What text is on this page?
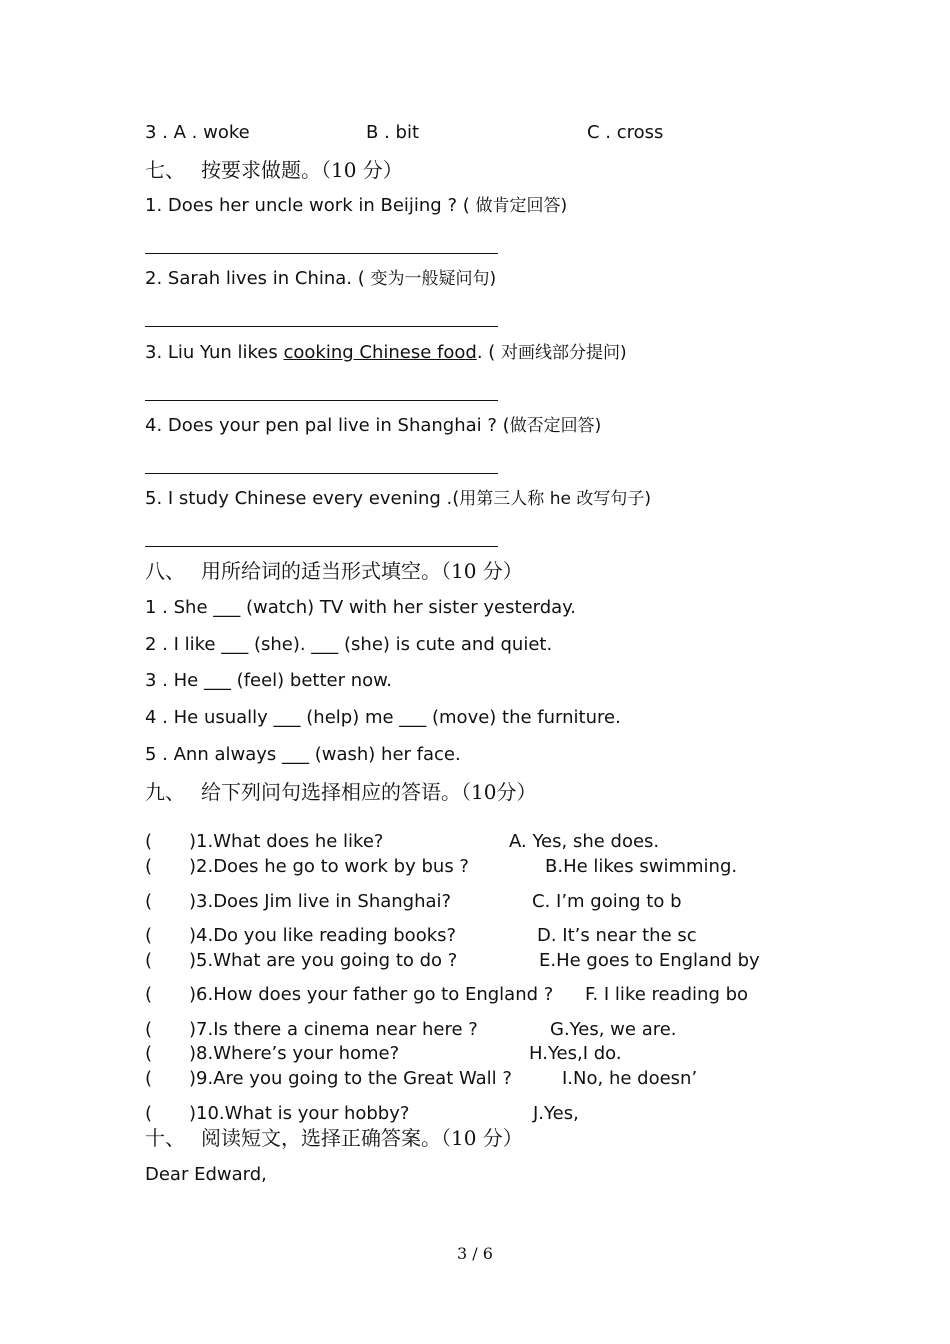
3 . A . woke	B . bit	C . cross
七、 按要求做题。（10 分）
1. Does her uncle work in Beijing ? ( 做肯定回答)
2. Sarah lives in China. ( 变为一般疑问句)
3. Liu Yun likes cooking Chinese food. ( 对画线部分提问)
4. Does your pen pal live in Shanghai ? (做否定回答)
5. I study Chinese every evening .(用第三人称 he 改写句子)
八、 用所给词的适当形式填空。（10 分）
1 . She ___ (watch) TV with her sister yesterday.
2 . I like ___ (she). ___ (she) is cute and quiet.
3 . He ___ (feel) better now.
4 . He usually ___ (help) me ___ (move) the furniture.
5 . Ann always ___ (wash) her face.
九、 给下列问句选择相应的答语。（10分）
( )1.What does he like?	A. Yes, she does.
( )2.Does he go to work by bus ?	B.He likes swimming.
( )3.Does Jim live in Shanghai?	C. I’m going to b
( )4.Do you like reading books?	D. It’s near the sc
( )5.What are you going to do ?	E.He goes to England by
( )6.How does your father go to England ? F. I like reading bo
( )7.Is there a cinema near here ?	G.Yes, we are.
( )8.Where’s your home?	H.Yes,I do.
( )9.Are you going to the Great Wall ?	I.No, he doesn’
( )10.What is your hobby?	J.Yes,
十、 阅读短文，选择正确答案。（10 分）
Dear Edward,
3 / 6
